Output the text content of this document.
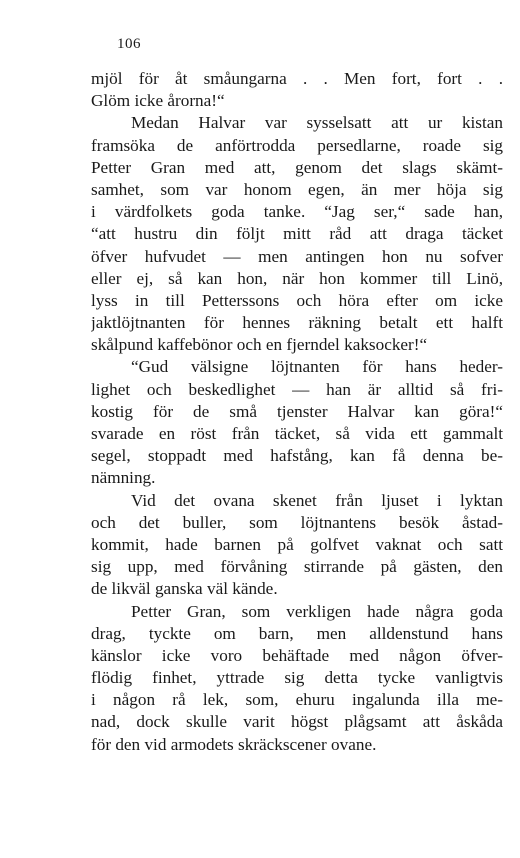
106
mjöl för åt småungarna . . Men fort, fort . .
Glöm icke årorna!“
Medan Halvar var sysselsatt att ur kistan
framsöka de anförtrodda persedlarne, roade sig
Petter Gran med att, genom det slags skämt-
samhet, som var honom egen, än mer höja sig
i värdfolkets goda tanke. “Jag ser,“ sade han,
“att hustru din följt mitt råd att draga täcket
öfver hufvudet — men antingen hon nu sofver
eller ej, så kan hon, när hon kommer till Linö,
lyss in till Petterssons och höra efter om icke
jaktlöjtnanten för hennes räkning betalt ett halft
skålpund kaffebönor och en fjerndel kaksocker!“
“Gud välsigne löjtnanten för hans heder-
lighet och beskedlighet — han är alltid så fri-
kostig för de små tjenster Halvar kan göra!“
svarade en röst från täcket, så vida ett gammalt
segel, stoppadt med hafstång, kan få denna be-
nämning.
Vid det ovana skenet från ljuset i lyktan
och det buller, som löjtnantens besök åstad-
kommit, hade barnen på golfvet vaknat och satt
sig upp, med förvåning stirrande på gästen, den
de likväl ganska väl kände.
Petter Gran, som verkligen hade några goda
drag, tyckte om barn, men alldenstund hans
känslor icke voro behäftade med någon öfver-
flödig finhet, yttrade sig detta tycke vanligtvis
i någon rå lek, som, ehuru ingalunda illa me-
nad, dock skulle varit högst plågsamt att åskåda
för den vid armodets skräckscener ovane.
